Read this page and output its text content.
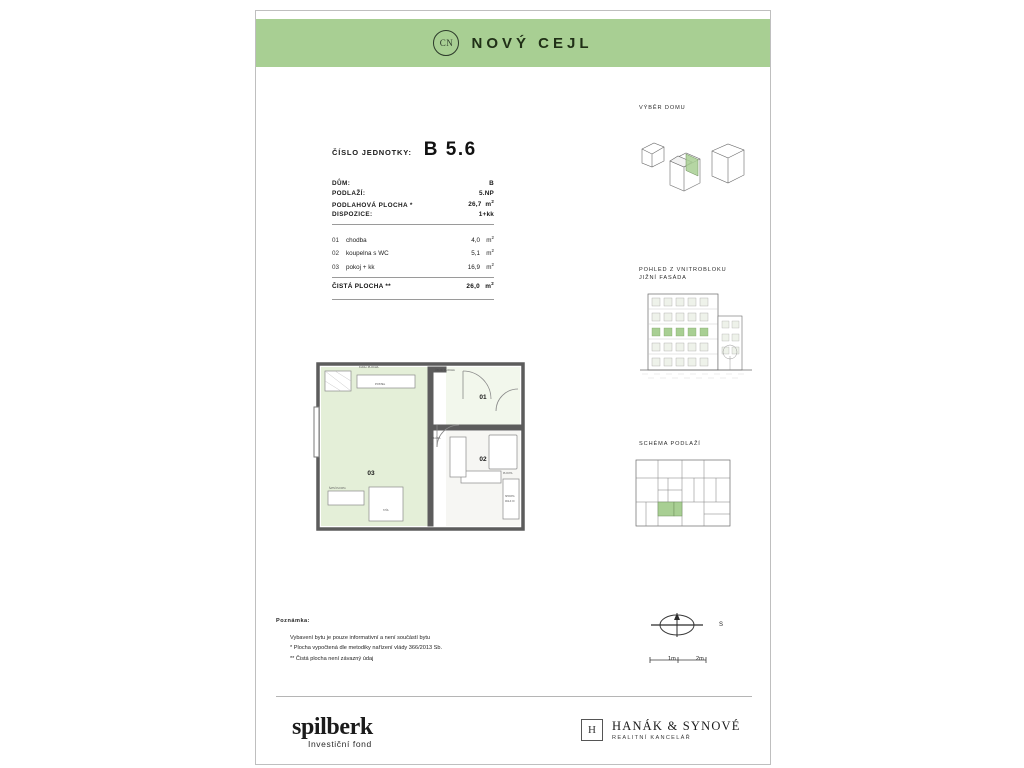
CN NOVÝ CEJL
ČÍSLO JEDNOTKY: B 5.6
DŮM:	B
PODLAŽÍ:	5.NP
PODLAHOVÁ PLOCHA *	26,7  $m^2$
DISPOZICE:	1+kk
01	chodba	4,0 $m^2$
02	koupelna s WC	5,1 $m^2$
03	pokoj + kk	16,9 $m^2$
ČISTÁ PLOCHA **	26,0 $m^2$
VÝBĚR DOMU
POHLED Z VNITROBLOKU
JIŽNÍ FASÁDA
SCHÉMA PODLAŽÍ
03
01
02
KUCH. PLOCHA
POSTEL
ÚKLID. PLOCHA
PRAČKA
X
PLOCHA
SPRCHA
WALK IN
ŠATNÍ PLOCHA
STŮL
Poznámka:
Vybavení bytu je pouze informativní a není součástí bytu
* Plocha vypočtená dle metodiky nařízení vlády 366/2013 Sb.
** Čistá plocha není závazný údaj
S
1m	2m
spilberk
Investiční fond
H	HANÁK & SYNOVÉ
REALITNÍ KANCELÁŘ
